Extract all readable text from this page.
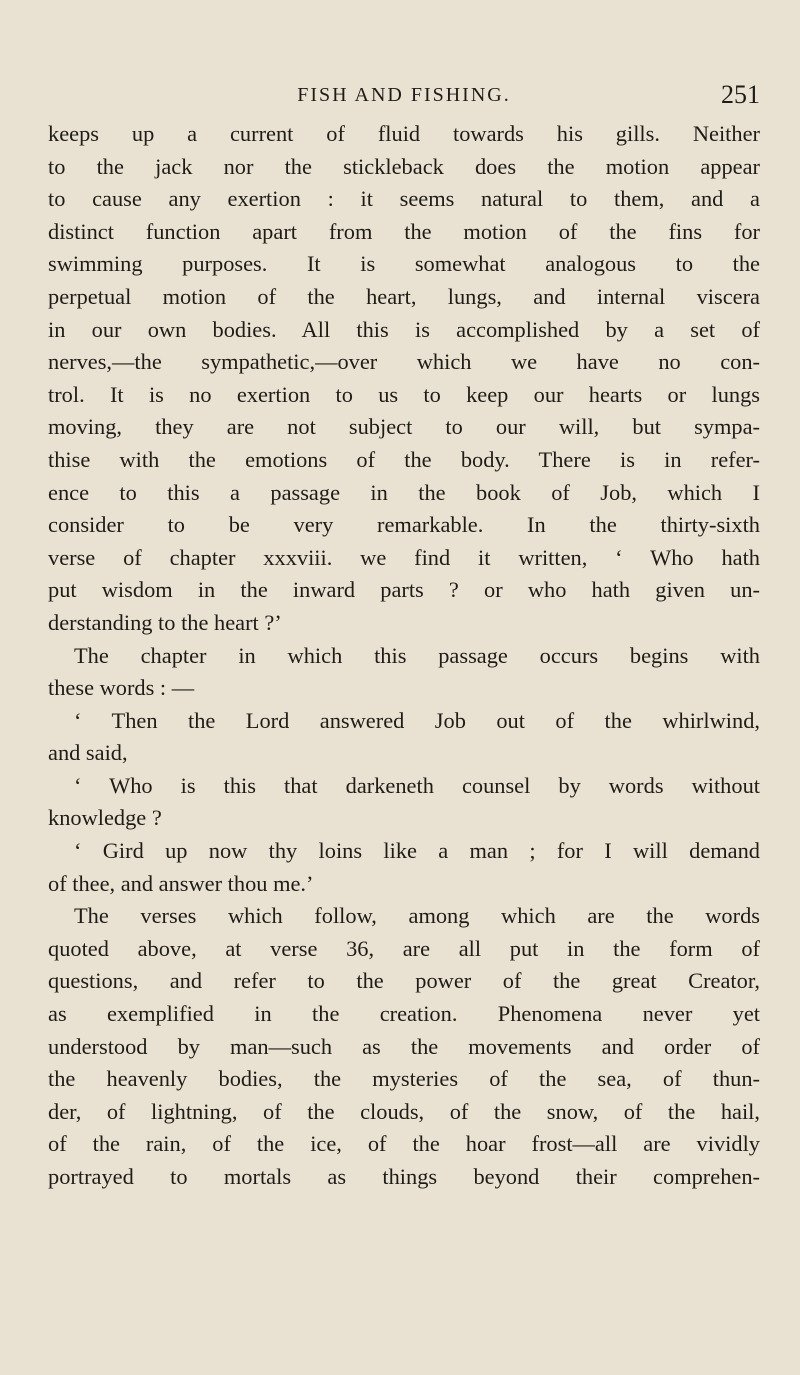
FISH AND FISHING.	251
keeps up a current of fluid towards his gills. Neither
to the jack nor the stickleback does the motion appear
to cause any exertion : it seems natural to them, and a
distinct function apart from the motion of the fins for
swimming purposes. It is somewhat analogous to the
perpetual motion of the heart, lungs, and internal viscera
in our own bodies. All this is accomplished by a set of
nerves,—the sympathetic,—over which we have no con-
trol. It is no exertion to us to keep our hearts or lungs
moving, they are not subject to our will, but sympa-
thise with the emotions of the body. There is in refer-
ence to this a passage in the book of Job, which I
consider to be very remarkable. In the thirty-sixth
verse of chapter xxxviii. we find it written, ‘ Who hath
put wisdom in the inward parts ? or who hath given un-
derstanding to the heart ?’
The chapter in which this passage occurs begins with
these words : —
‘ Then the Lord answered Job out of the whirlwind,
and said,
‘ Who is this that darkeneth counsel by words without
knowledge ?
‘ Gird up now thy loins like a man ; for I will demand
of thee, and answer thou me.’
The verses which follow, among which are the words
quoted above, at verse 36, are all put in the form of
questions, and refer to the power of the great Creator,
as exemplified in the creation. Phenomena never yet
understood by man—such as the movements and order of
the heavenly bodies, the mysteries of the sea, of thun-
der, of lightning, of the clouds, of the snow, of the hail,
of the rain, of the ice, of the hoar frost—all are vividly
portrayed to mortals as things beyond their comprehen-
